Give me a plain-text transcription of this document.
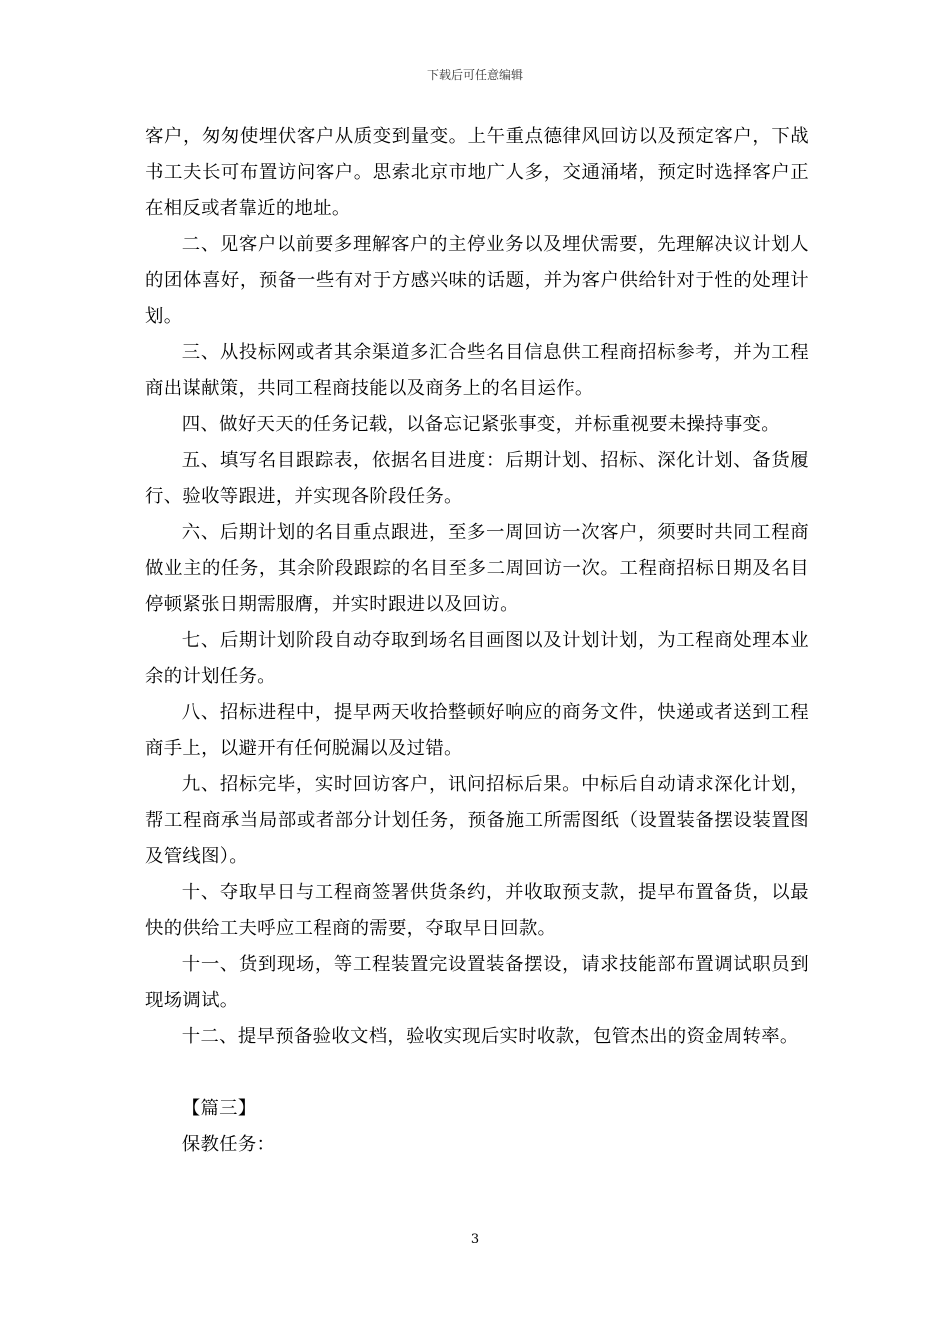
下载后可任意编辑

客户，匆匆使埋伏客户从质变到量变。上午重点德律风回访以及预定客户，下战书工夫长可布置访问客户。思索北京市地广人多，交通涌堵，预定时选择客户正在相反或者靠近的地址。

二、见客户以前要多理解客户的主停业务以及埋伏需要，先理解决议计划人的团体喜好，预备一些有对于方感兴味的话题，并为客户供给针对于性的处理计划。

三、从投标网或者其余渠道多汇合些名目信息供工程商招标参考，并为工程商出谋献策，共同工程商技能以及商务上的名目运作。

四、做好天天的任务记载，以备忘记紧张事变，并标重视要未操持事变。

五、填写名目跟踪表，依据名目进度：后期计划、招标、深化计划、备货履行、验收等跟进，并实现各阶段任务。

六、后期计划的名目重点跟进，至多一周回访一次客户，须要时共同工程商做业主的任务，其余阶段跟踪的名目至多二周回访一次。工程商招标日期及名目停顿紧张日期需服膺，并实时跟进以及回访。

七、后期计划阶段自动夺取到场名目画图以及计划计划，为工程商处理本业余的计划任务。

八、招标进程中，提早两天收拾整顿好响应的商务文件，快递或者送到工程商手上，以避开有任何脱漏以及过错。

九、招标完毕，实时回访客户，讯问招标后果。中标后自动请求深化计划，帮工程商承当局部或者部分计划任务，预备施工所需图纸（设置装备摆设装置图及管线图）。

十、夺取早日与工程商签署供货条约，并收取预支款，提早布置备货，以最快的供给工夫呼应工程商的需要，夺取早日回款。

十一、货到现场，等工程装置完设置装备摆设，请求技能部布置调试职员到现场调试。

十二、提早预备验收文档，验收实现后实时收款，包管杰出的资金周转率。

【篇三】

保教任务：

3
